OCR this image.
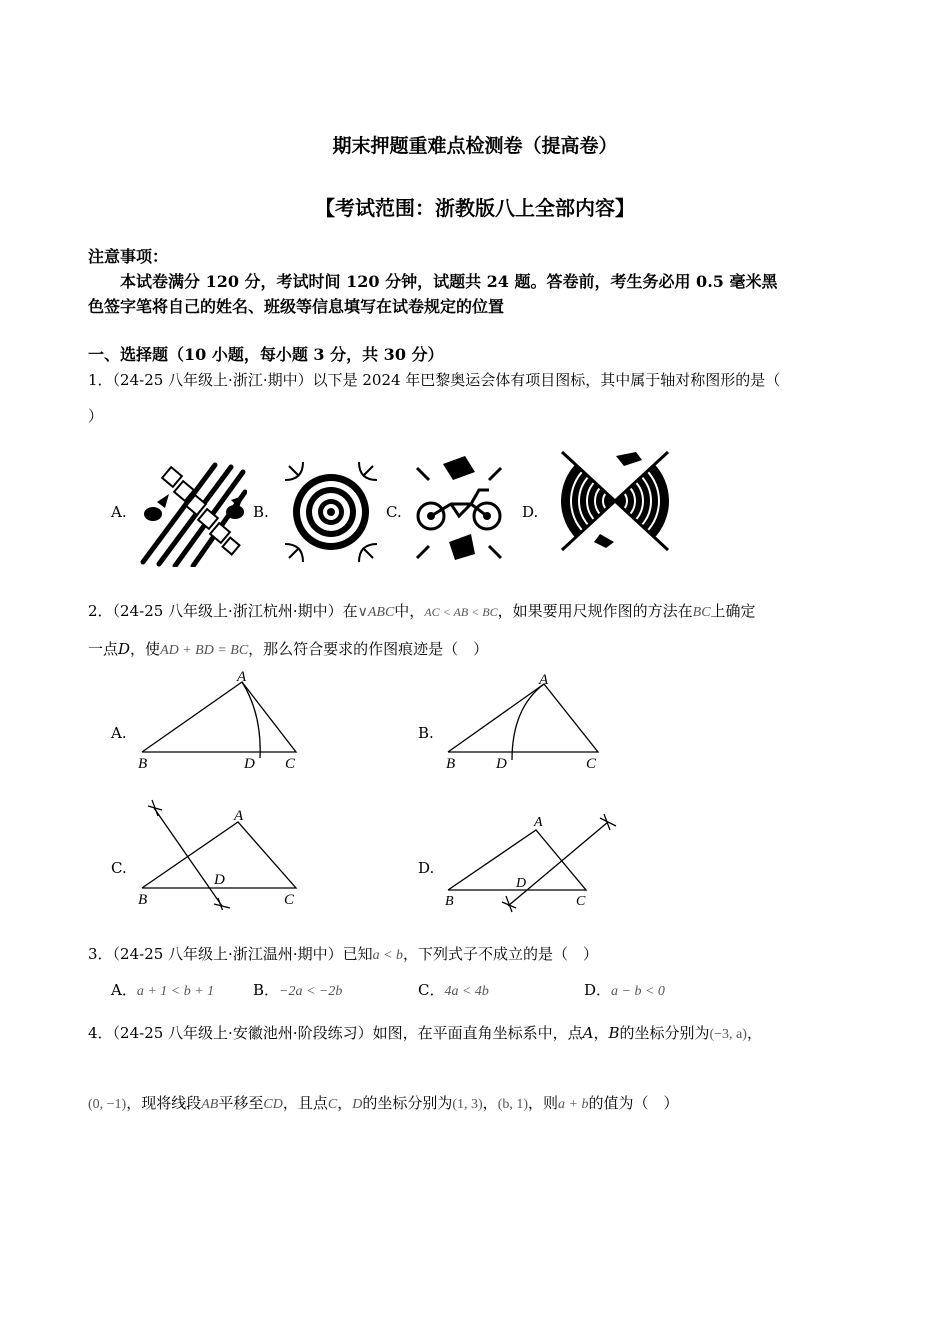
期末押题重难点检测卷（提高卷）
【考试范围：浙教版八上全部内容】
注意事项：
本试卷满分 120 分，考试时间 120 分钟，试题共 24 题。答卷前，考生务必用 0.5 毫米黑
色签字笔将自己的姓名、班级等信息填写在试卷规定的位置
一、选择题（10 小题，每小题 3 分，共 30 分）
1．（24-25 八年级上·浙江·期中）以下是 2024 年巴黎奥运会体有项目图标，其中属于轴对称图形的是（
）
A.	B.	C.	D.
2．（24-25 八年级上·浙江杭州·期中）在∨ABC中，AC < AB < BC，如果要用尺规作图的方法在BC上确定
一点D，使AD + BD = BC，那么符合要求的作图痕迹是（　）
A.	B.
C.	D.
A
B	D C
A
B	D	C
A
B
D
C
A
B
D
C
3．（24-25 八年级上·浙江温州·期中）已知a < b，下列式子不成立的是（　）
A．a + 1 < b + 1	B．−2a < −2b	C．4a < 4b	D．a − b < 0
4．（24-25 八年级上·安徽池州·阶段练习）如图，在平面直角坐标系中，点A，B的坐标分别为(−3, a)，
(0, −1)，现将线段AB平移至CD，且点C，D的坐标分别为(1, 3)，(b, 1)，则a + b的值为（　）
